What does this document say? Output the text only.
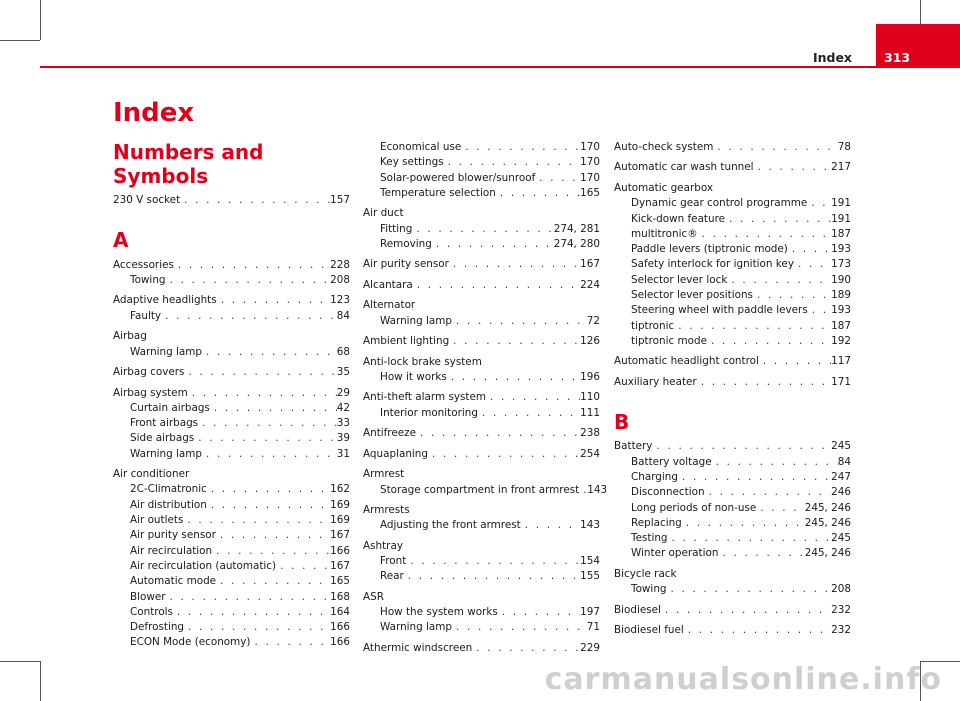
Index	313
Index
Numbers and Symbols
230 V socket . . .	157
A
Accessories . . .	228
Towing . . .	208
Adaptive headlights . . .	123
Faulty . . .	84
Airbag
Warning lamp . . .	68
Airbag covers . . .	35
Airbag system . . .	29
Curtain airbags . . .	42
Front airbags . . .	33
Side airbags . . .	39
Warning lamp . . .	31
Air conditioner
2C-Climatronic . . .	162
Air distribution . . .	169
Air outlets . . .	169
Air purity sensor . . .	167
Air recirculation . . .	166
Air recirculation (automatic) . . .	167
Automatic mode . . .	165
Blower . . .	168
Controls . . .	164
Defrosting . . .	166
ECON Mode (economy) . . .	166
Economical use . . .	170
Key settings . . .	170
Solar-powered blower/sunroof . . .	170
Temperature selection . . .	165
Air duct
Fitting . . .	274, 281
Removing . . .	274, 280
Air purity sensor . . .	167
Alcantara . . .	224
Alternator
Warning lamp . . .	72
Ambient lighting . . .	126
Anti-lock brake system
How it works . . .	196
Anti-theft alarm system . . .	110
Interior monitoring . . .	111
Antifreeze . . .	238
Aquaplaning . . .	254
Armrest
Storage compartment in front armrest . . . 143
Armrests
Adjusting the front armrest . . .	143
Ashtray
Front . . .	154
Rear . . .	155
ASR
How the system works . . .	197
Warning lamp . . .	71
Athermic windscreen . . .	229
Auto-check system . . .	78
Automatic car wash tunnel . . .	217
Automatic gearbox
Dynamic gear control programme . . . 191
Kick-down feature . . .	191
multitronic® . . .	187
Paddle levers (tiptronic mode) . . .	193
Safety interlock for ignition key . . .	173
Selector lever lock . . .	190
Selector lever positions . . .	189
Steering wheel with paddle levers . . . 193
tiptronic . . .	187
tiptronic mode . . .	192
Automatic headlight control . . .	117
Auxiliary heater . . .	171
B
Battery . . .	245
Battery voltage . . .	84
Charging . . .	247
Disconnection . . .	246
Long periods of non-use . . .	245, 246
Replacing . . .	245, 246
Testing . . .	245
Winter operation . . .	245, 246
Bicycle rack
Towing . . .	208
Biodiesel . . .	232
Biodiesel fuel . . .	232
carmanualsonline.info
